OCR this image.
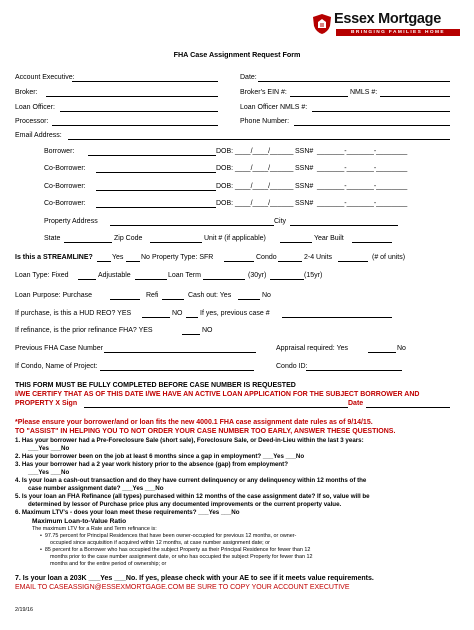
Essex Mortgage
BRINGING FAMILIES HOME
FHA Case Assignment Request Form
Account Executive:	Date:
Broker:	Broker's EIN #:	NMLS #:
Loan Officer:	Loan Officer NMLS #:
Processor:	Phone Number:
Email Address:
Borrower:	DOB: ____/____/______ SSN# _______-_______-________
Co-Borrower:	DOB: ____/____/______ SSN# _______-_______-________
Co-Borrower:	DOB: ____/____/______ SSN# _______-_______-________
Co-Borrower:	DOB: ____/____/______ SSN# _______-_______-________
Property Address	City
State	Zip Code	Unit # (if applicable)	Year Built
Is this a STREAMLINE?	Yes	No Property Type: SFR	Condo	2-4 Units	(# of units)
Loan Type: Fixed	Adjustable	Loan Term	(30yr)	(15yr)
Loan Purpose: Purchase	Refi	Cash out: Yes	No
If purchase, is this a HUD REO? YES	NO	If yes, previous case #
If refinance, is the prior refinance FHA? YES	NO
Previous FHA Case Number	Appraisal required: Yes	No
If Condo, Name of Project:	Condo ID:
THIS FORM MUST BE FULLY COMPLETED BEFORE CASE NUMBER IS REQUESTED
I/WE CERTIFY THAT AS OF THIS DATE I/WE HAVE AN ACTIVE LOAN APPLICATION FOR THE SUBJECT BORROWER AND
PROPERTY X Sign	Date
*Please ensure your borrower/and or loan fits the new 4000.1 FHA case assignment date rules as of 9/14/15.
TO "ASSIST" IN HELPING YOU TO NOT ORDER YOUR CASE NUMBER TOO EARLY, ANSWER THESE QUESTIONS.
1. Has your borrower had a Pre-Foreclosure Sale (short sale), Foreclosure Sale, or Deed-in-Lieu within the last 3 years:
___Yes ___No
2. Has your borrower been on the job at least 6 months since a gap in employment? ___Yes ___No
3. Has your borrower had a 2 year work history prior to the absence (gap) from employment?
___Yes ___No
4. Is your loan a cash-out transaction and do they have current delinquency or any delinquency within 12 months of the
case number assignment date? ___Yes ___No
5. Is your loan an FHA Refinance (all types) purchased within 12 months of the case assignment date? If so, value will be
determined by lessor of Purchase price plus any documented improvements or the current property value.
6. Maximum LTV's - does your loan meet these requirements? ___Yes ___No
Maximum Loan-to-Value Ratio
The maximum LTV for a Rate and Term refinance is:
•  97.75 percent for Principal Residences that have been owner-occupied for previous 12 months, or owner-
occupied since acquisition if acquired within 12 months, at case number assignment date; or
•  85 percent for a Borrower who has occupied the subject Property as their Principal Residence for fewer than 12
months prior to the case number assignment date, or who has occupied the subject Property for fewer than 12
months and for the entire period of ownership; or
7. Is your loan a 203K ___Yes ___No. If yes, please check with your AE to see if it meets value requirements.
EMAIL TO CASEASSIGN@ESSEXMORTGAGE.COM BE SURE TO COPY YOUR ACCOUNT EXECUTIVE
2/19/16
